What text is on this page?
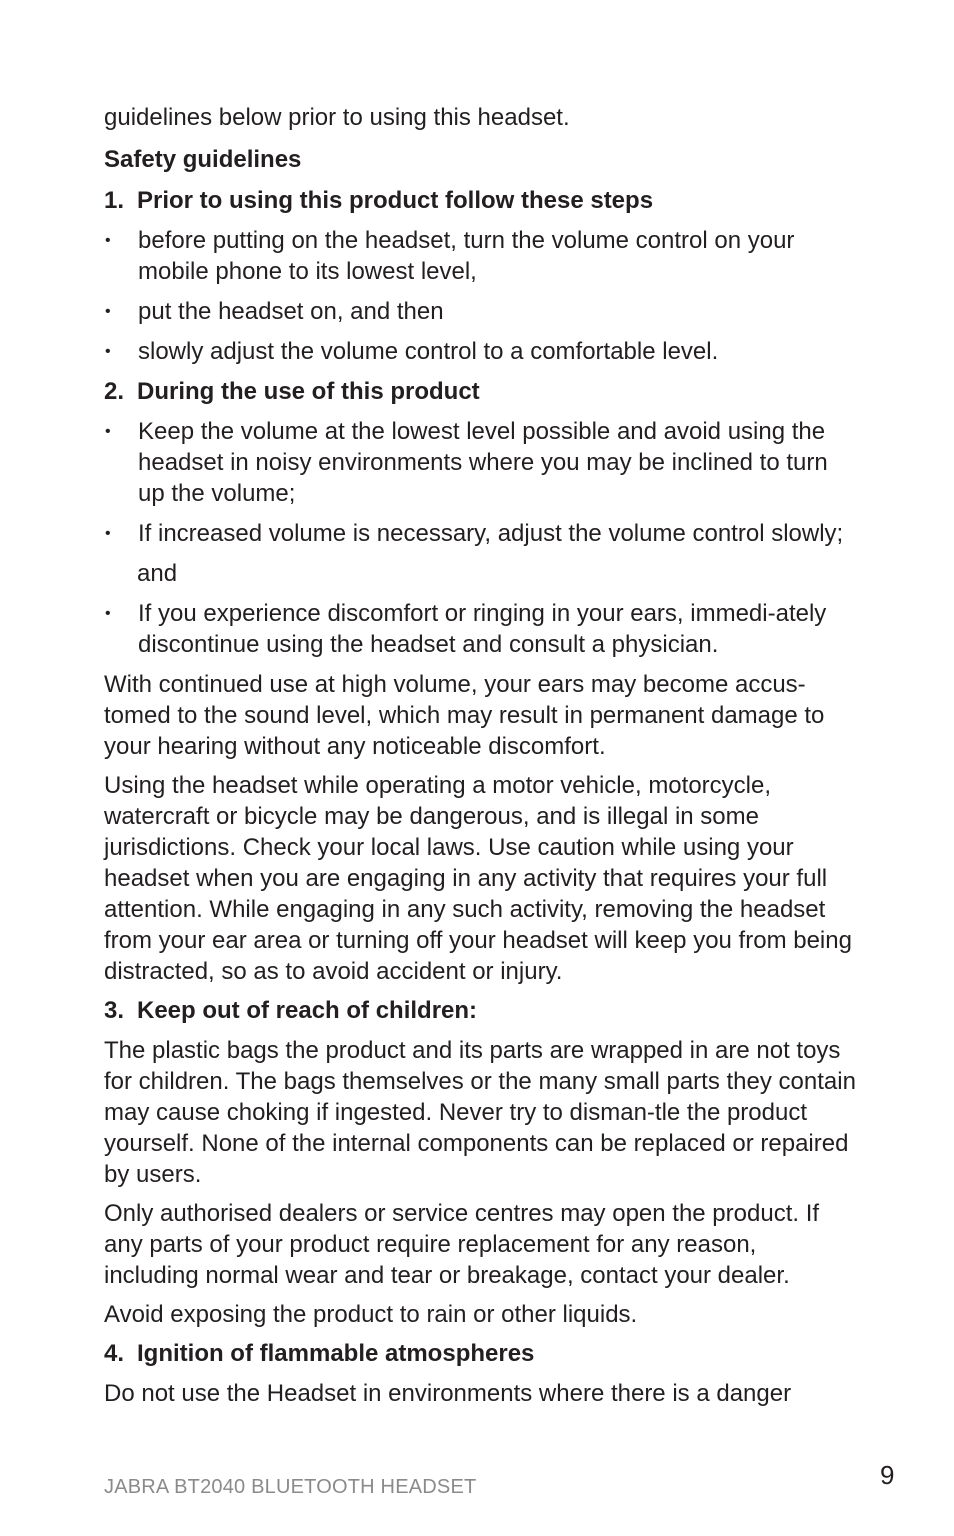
guidelines below prior to using this headset.

Safety guidelines

1. Prior to using this product follow these steps
•	before putting on the headset, turn the volume control on your mobile phone to its lowest level,
•	put the headset on, and then
•	slowly adjust the volume control to a comfortable level.
2. During the use of this product
•	Keep the volume at the lowest level possible and avoid using the headset in noisy environments where you may be inclined to turn up the volume;
•	If increased volume is necessary, adjust the volume control slowly;

and

•	If you experience discomfort or ringing in your ears, immedi-ately discontinue using the headset and consult a physician.

With continued use at high volume, your ears may become accus-tomed to the sound level, which may result in permanent damage to your hearing without any noticeable discomfort.

Using the headset while operating a motor vehicle, motorcycle, watercraft or bicycle may be dangerous, and is illegal in some jurisdictions. Check your local laws. Use caution while using your headset when you are engaging in any activity that requires your full attention. While engaging in any such activity, removing the headset from your ear area or turning off your headset will keep you from being distracted, so as to avoid accident or injury.

3. Keep out of reach of children:

The plastic bags the product and its parts are wrapped in are not toys for children. The bags themselves or the many small parts they contain may cause choking if ingested. Never try to disman-tle the product yourself. None of the internal components can be replaced or repaired by users.

Only authorised dealers or service centres may open the product. If any parts of your product require replacement for any reason, including normal wear and tear or breakage, contact your dealer.

Avoid exposing the product to rain or other liquids.

4. Ignition of flammable atmospheres

Do not use the Headset in environments where there is a danger

JABRA BT2040 BLUETOOTH HEADSET	9
